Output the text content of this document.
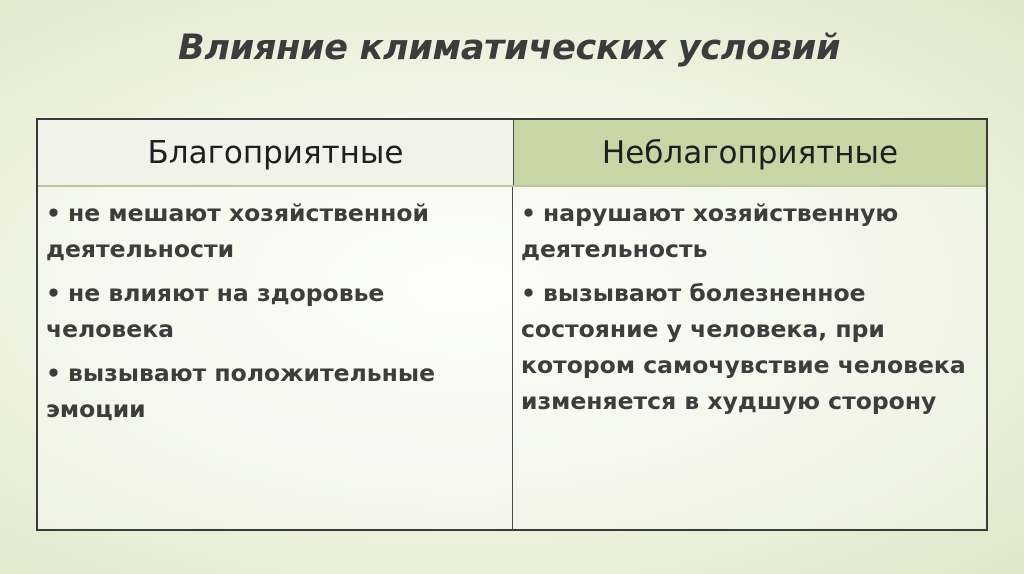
Влияние климатических условий
Благоприятные	Неблагоприятные
• не мешают хозяйственной деятельности
• не влияют на здоровье человека
• вызывают положительные эмоции
• нарушают хозяйственную деятельность
• вызывают болезненное состояние у человека, при котором самочувствие человека изменяется в худшую сторону
